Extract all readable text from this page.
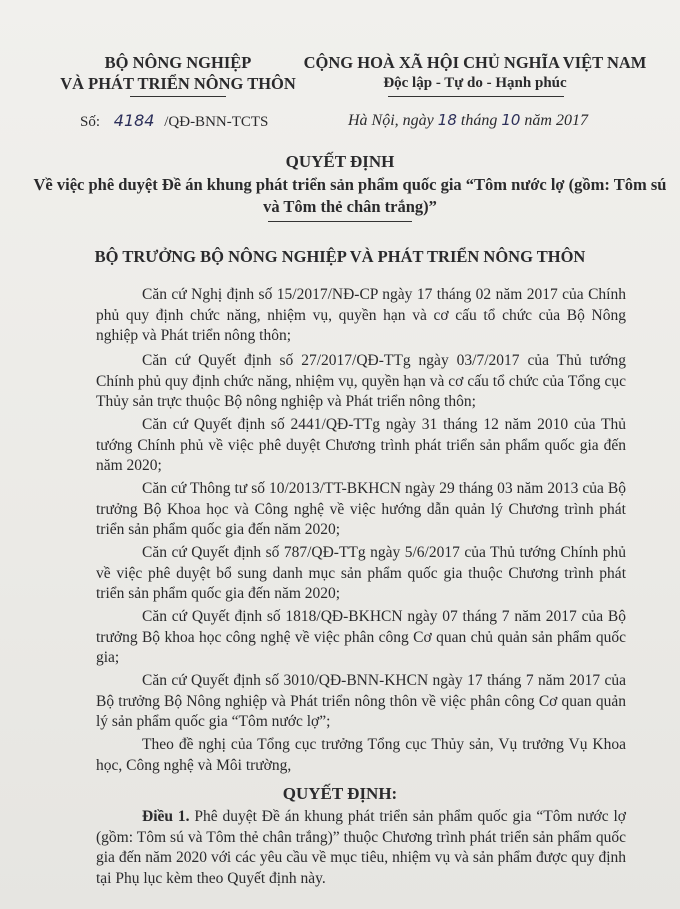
BỘ NÔNG NGHIỆP
VÀ PHÁT TRIỂN NÔNG THÔN
CỘNG HOÀ XÃ HỘI CHỦ NGHĨA VIỆT NAM
Độc lập - Tự do - Hạnh phúc
Số: 4184 /QĐ-BNN-TCTS	Hà Nội, ngày 18 tháng 10 năm 2017
QUYẾT ĐỊNH
Về việc phê duyệt Đề án khung phát triển sản phẩm quốc gia “Tôm nước lợ (gồm: Tôm sú và Tôm thẻ chân trắng)”
BỘ TRƯỞNG BỘ NÔNG NGHIỆP VÀ PHÁT TRIỂN NÔNG THÔN
Căn cứ Nghị định số 15/2017/NĐ-CP ngày 17 tháng 02 năm 2017 của Chính phủ quy định chức năng, nhiệm vụ, quyền hạn và cơ cấu tổ chức của Bộ Nông nghiệp và Phát triển nông thôn;
Căn cứ Quyết định số 27/2017/QĐ-TTg ngày 03/7/2017 của Thủ tướng Chính phủ quy định chức năng, nhiệm vụ, quyền hạn và cơ cấu tổ chức của Tổng cục Thủy sản trực thuộc Bộ nông nghiệp và Phát triển nông thôn;
Căn cứ Quyết định số 2441/QĐ-TTg ngày 31 tháng 12 năm 2010 của Thủ tướng Chính phủ về việc phê duyệt Chương trình phát triển sản phẩm quốc gia đến năm 2020;
Căn cứ Thông tư số 10/2013/TT-BKHCN ngày 29 tháng 03 năm 2013 của Bộ trưởng Bộ Khoa học và Công nghệ về việc hướng dẫn quản lý Chương trình phát triển sản phẩm quốc gia đến năm 2020;
Căn cứ Quyết định số 787/QĐ-TTg ngày 5/6/2017 của Thủ tướng Chính phủ về việc phê duyệt bổ sung danh mục sản phẩm quốc gia thuộc Chương trình phát triển sản phẩm quốc gia đến năm 2020;
Căn cứ Quyết định số 1818/QĐ-BKHCN ngày 07 tháng 7 năm 2017 của Bộ trưởng Bộ khoa học công nghệ về việc phân công Cơ quan chủ quản sản phẩm quốc gia;
Căn cứ Quyết định số 3010/QĐ-BNN-KHCN ngày 17 tháng 7 năm 2017 của Bộ trưởng Bộ Nông nghiệp và Phát triển nông thôn về việc phân công Cơ quan quản lý sản phẩm quốc gia “Tôm nước lợ”;
Theo đề nghị của Tổng cục trưởng Tổng cục Thủy sản, Vụ trưởng Vụ Khoa học, Công nghệ và Môi trường,
QUYẾT ĐỊNH:
Điều 1. Phê duyệt Đề án khung phát triển sản phẩm quốc gia “Tôm nước lợ (gồm: Tôm sú và Tôm thẻ chân trắng)” thuộc Chương trình phát triển sản phẩm quốc gia đến năm 2020 với các yêu cầu về mục tiêu, nhiệm vụ và sản phẩm được quy định tại Phụ lục kèm theo Quyết định này.
